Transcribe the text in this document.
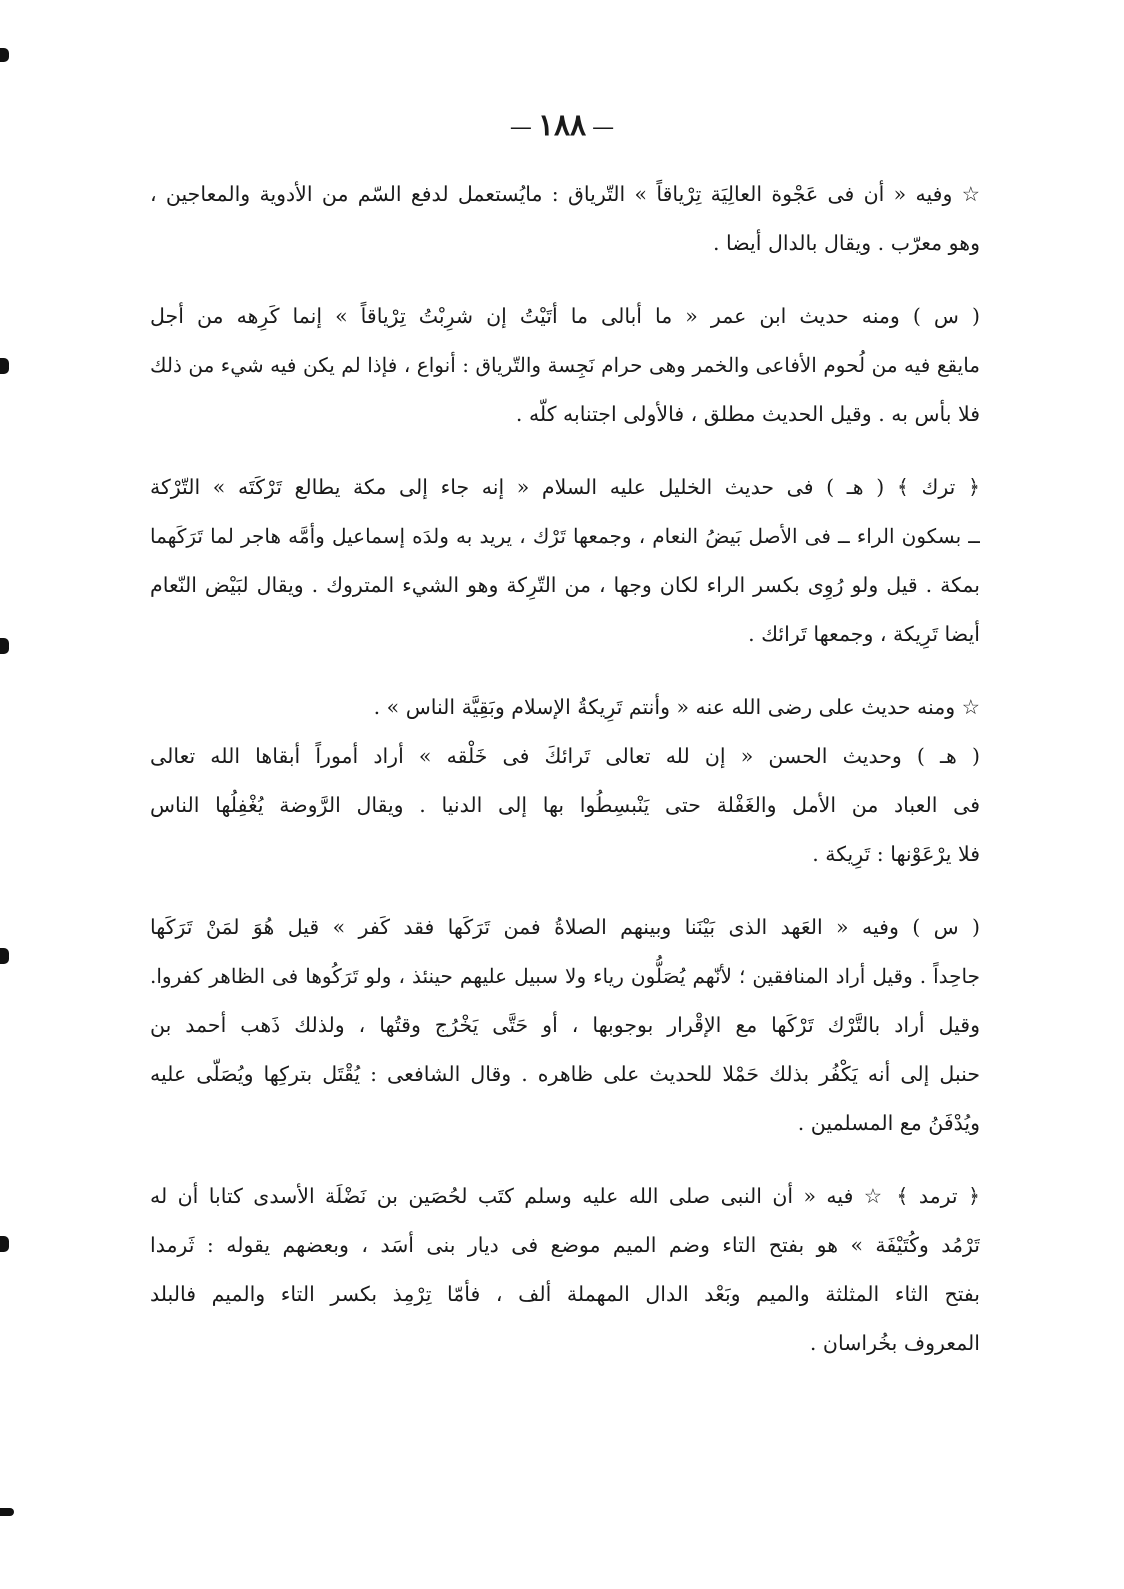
— ١٨٨ —
☆ وفيه « أن فى عَجْوة العالِيَة تِرْياقاً » التّرياق : مايُستعمل لدفع السّم من الأدوية والمعاجين ،
وهو معرّب . ويقال بالدال أيضا .
( س ) ومنه حديث ابن عمر « ما أبالى ما أتَيْتُ إن شرِبْتُ تِرْياقاً » إنما كَرِهه من أجل
مايقع فيه من لُحوم الأفاعى والخمر وهى حرام نَجِسة والتّرياق : أنواع ، فإذا لم يكن فيه شيء من ذلك
فلا بأس به . وقيل الحديث مطلق ، فالأولى اجتنابه كلّه .
﴿ ترك ﴾ ( هـ ) فى حديث الخليل عليه السلام « إنه جاء إلى مكة يطالع تَرْكَتَه » التّرْكة
ــ بسكون الراء ــ فى الأصل بَيضُ النعام ، وجمعها تَرْك ، يريد به ولدَه إسماعيل وأمَّه هاجر لما تَرَكَهما
بمكة . قيل ولو رُوِى بكسر الراء لكان وجها ، من التّرِكة وهو الشيء المتروك . ويقال لبَيْض النّعام
أيضا تَرِيكة ، وجمعها تَرائك .
☆ ومنه حديث على رضى الله عنه « وأنتم تَرِيكةُ الإسلام وبَقِيَّة الناس » .
( هـ ) وحديث الحسن « إن لله تعالى تَرائكَ فى خَلْقه » أراد أموراً أبقاها الله تعالى
فى العباد من الأمل والغَفْلة حتى يَنْبسِطُوا بها إلى الدنيا . ويقال الرَّوضة يُغْفِلُها الناس
فلا يرْعَوْنها : تَرِيكة .
( س ) وفيه « العَهد الذى بَيْنَنا وبينهم الصلاةُ فمن تَرَكَها فقد كَفر » قيل هُوَ لمَنْ تَرَكَها
جاحِداً . وقيل أراد المنافقين ؛ لأنّهم يُصَلُّون رياء ولا سبيل عليهم حينئذ ، ولو تَرَكُوها فى الظاهر كفروا.
وقيل أراد بالتَّرْك تَرْكَها مع الإقْرار بوجوبها ، أو حَتَّى يَخْرُج وقتُها ، ولذلك ذَهب أحمد بن
حنبل إلى أنه يَكْفُر بذلك حَمْلا للحديث على ظاهره . وقال الشافعى : يُقْتَل بتركِها ويُصَلّى عليه
ويُدْفَنُ مع المسلمين .
﴿ ترمد ﴾ ☆ فيه « أن النبى صلى الله عليه وسلم كتَب لحُصَين بن نَضْلَة الأسدى كتابا أن له
تَرْمُد وكُتَيْفَة » هو بفتح التاء وضم الميم موضع فى ديار بنى أسَد ، وبعضهم يقوله : ثَرمدا
بفتح الثاء المثلثة والميم وبَعْد الدال المهملة ألف ، فأمّا تِرْمِذ بكسر التاء والميم فالبلد
المعروف بخُراسان .
